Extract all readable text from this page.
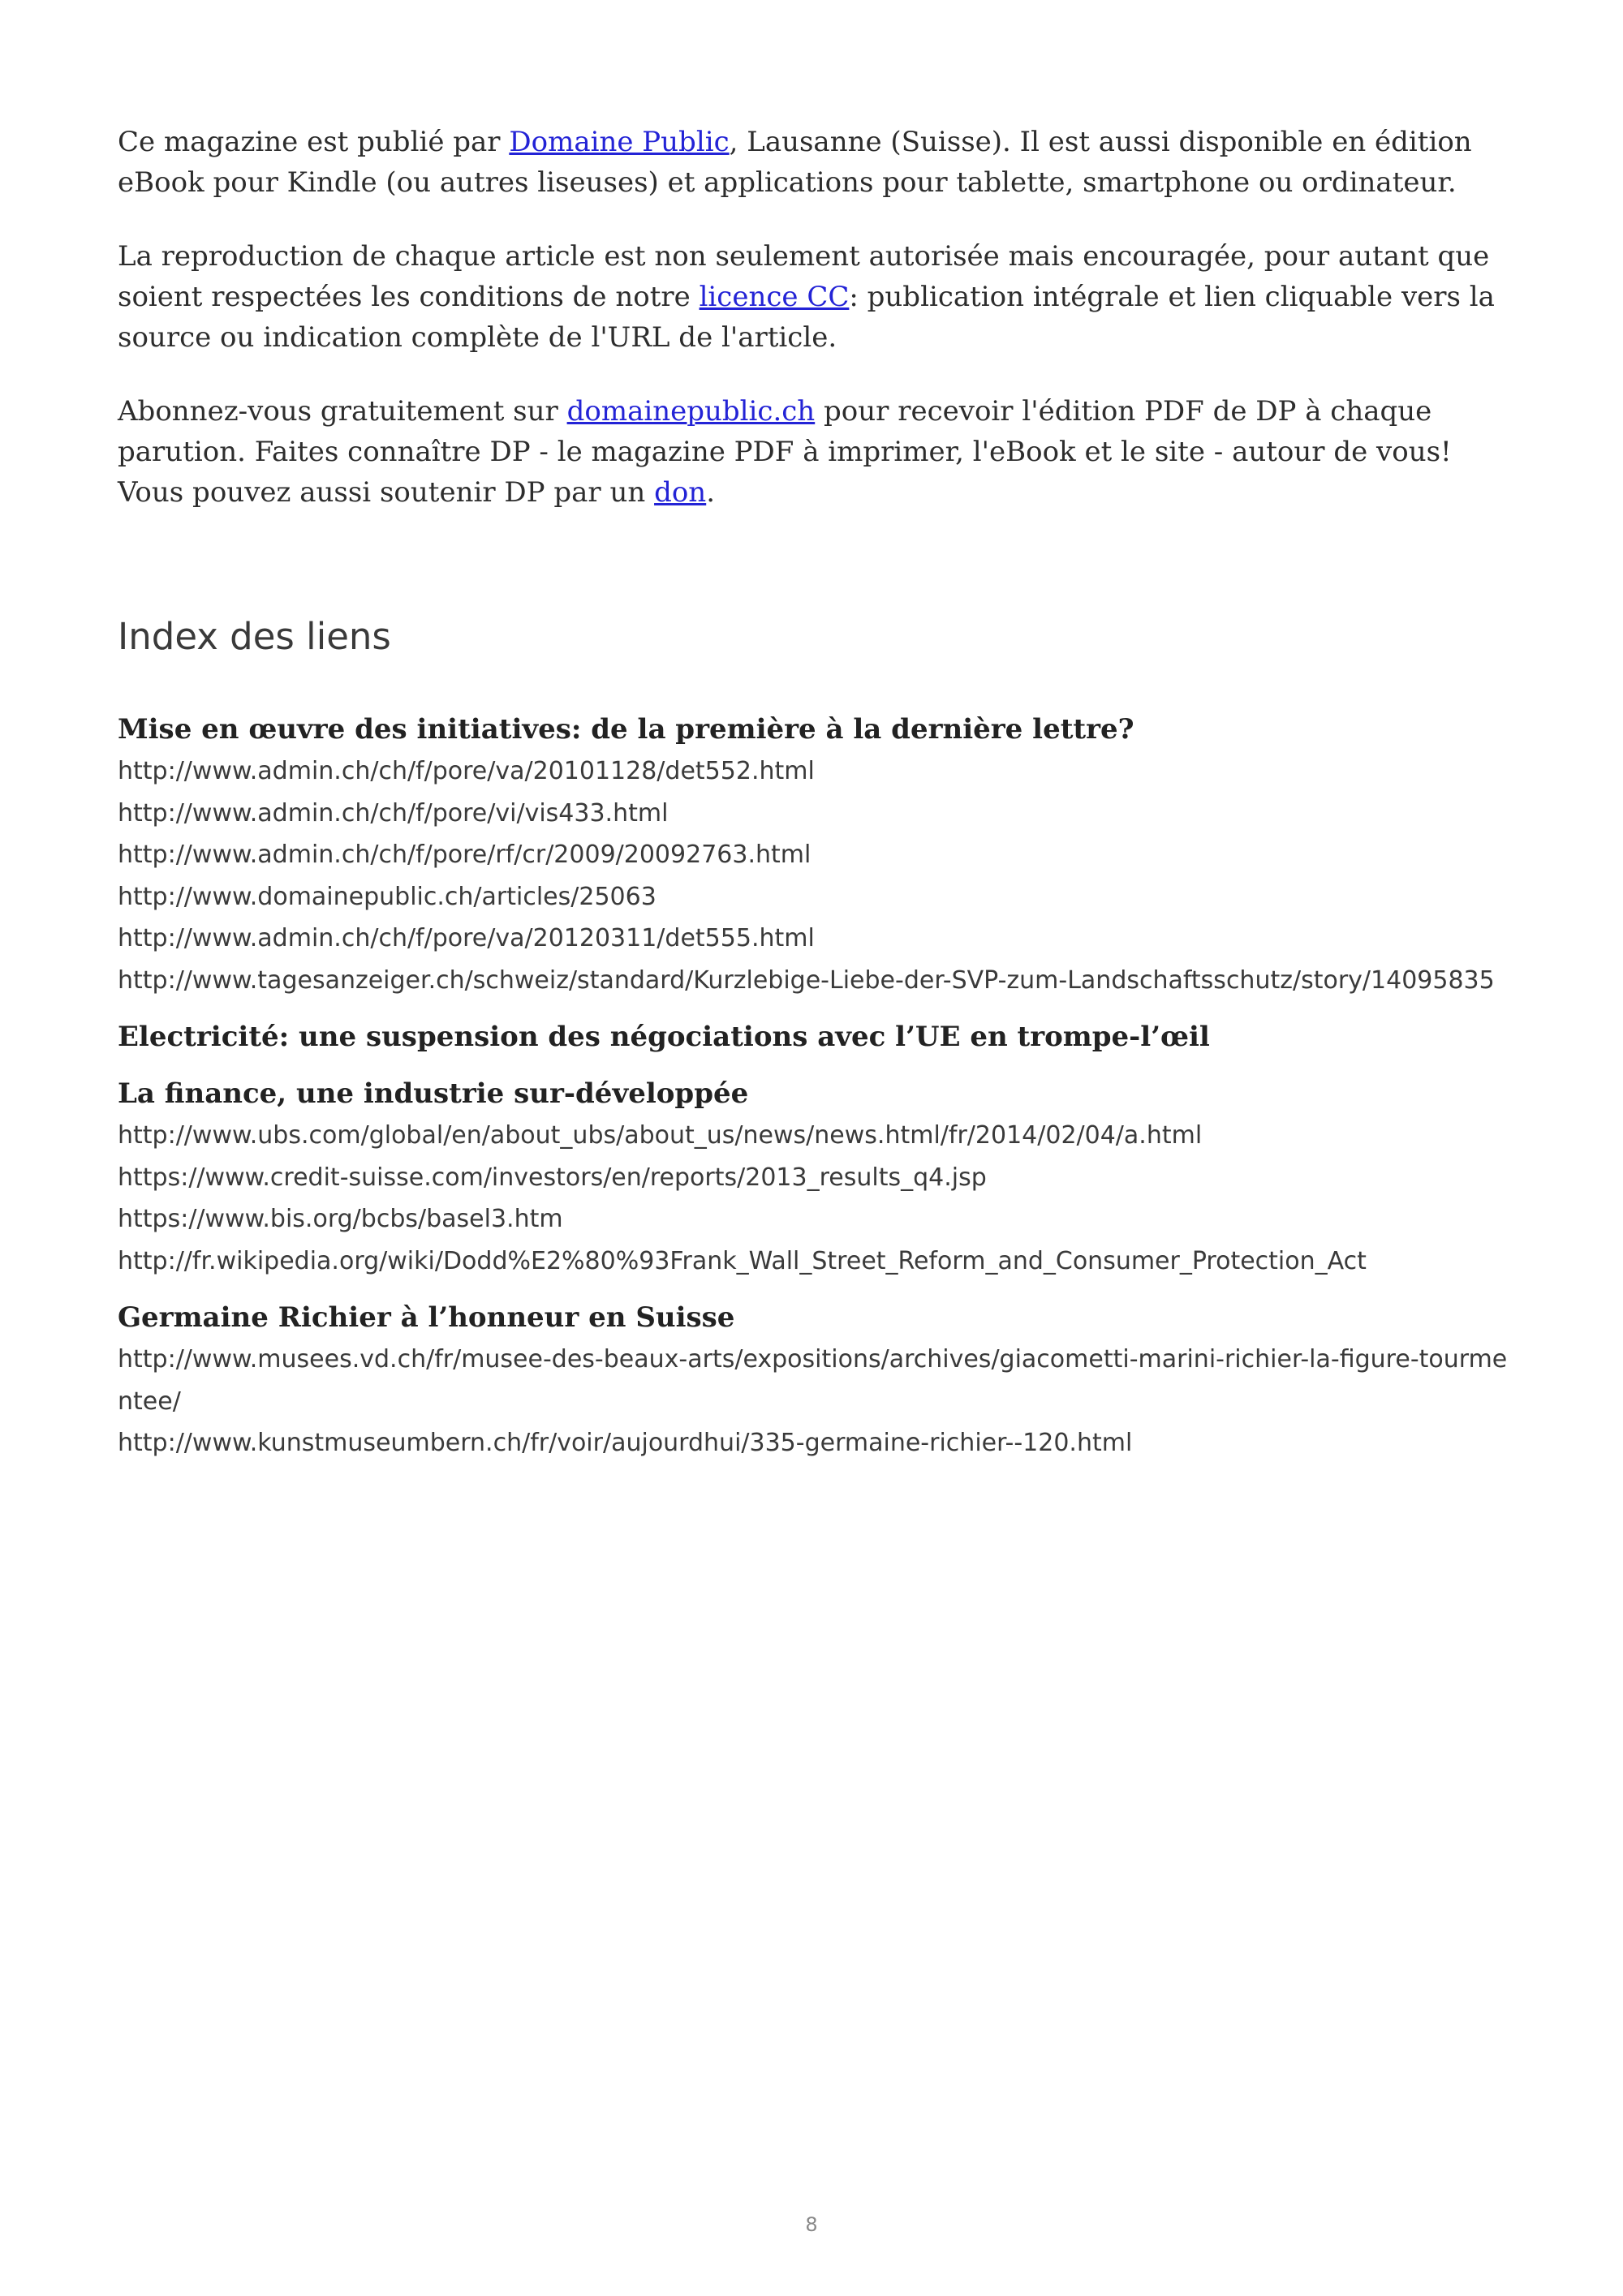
Ce magazine est publié par Domaine Public, Lausanne (Suisse). Il est aussi disponible en édition eBook pour Kindle (ou autres liseuses) et applications pour tablette, smartphone ou ordinateur.

La reproduction de chaque article est non seulement autorisée mais encouragée, pour autant que soient respectées les conditions de notre licence CC: publication intégrale et lien cliquable vers la source ou indication complète de l'URL de l'article.

Abonnez-vous gratuitement sur domainepublic.ch pour recevoir l'édition PDF de DP à chaque parution. Faites connaître DP - le magazine PDF à imprimer, l'eBook et le site - autour de vous! Vous pouvez aussi soutenir DP par un don.

Index des liens
Mise en œuvre des initiatives: de la première à la dernière lettre?
http://www.admin.ch/ch/f/pore/va/20101128/det552.html
http://www.admin.ch/ch/f/pore/vi/vis433.html
http://www.admin.ch/ch/f/pore/rf/cr/2009/20092763.html
http://www.domainepublic.ch/articles/25063
http://www.admin.ch/ch/f/pore/va/20120311/det555.html
http://www.tagesanzeiger.ch/schweiz/standard/Kurzlebige-Liebe-der-SVP-zum-Landschaftsschutz/story/14095835
Electricité: une suspension des négociations avec l’UE en trompe-l’œil
La finance, une industrie sur-développée
http://www.ubs.com/global/en/about_ubs/about_us/news/news.html/fr/2014/02/04/a.html
https://www.credit-suisse.com/investors/en/reports/2013_results_q4.jsp
https://www.bis.org/bcbs/basel3.htm
http://fr.wikipedia.org/wiki/Dodd%E2%80%93Frank_Wall_Street_Reform_and_Consumer_Protection_Act
Germaine Richier à l’honneur en Suisse
http://www.musees.vd.ch/fr/musee-des-beaux-arts/expositions/archives/giacometti-marini-richier-la-figure-tourmentee/
http://www.kunstmuseumbern.ch/fr/voir/aujourdhui/335-germaine-richier--120.html
8
